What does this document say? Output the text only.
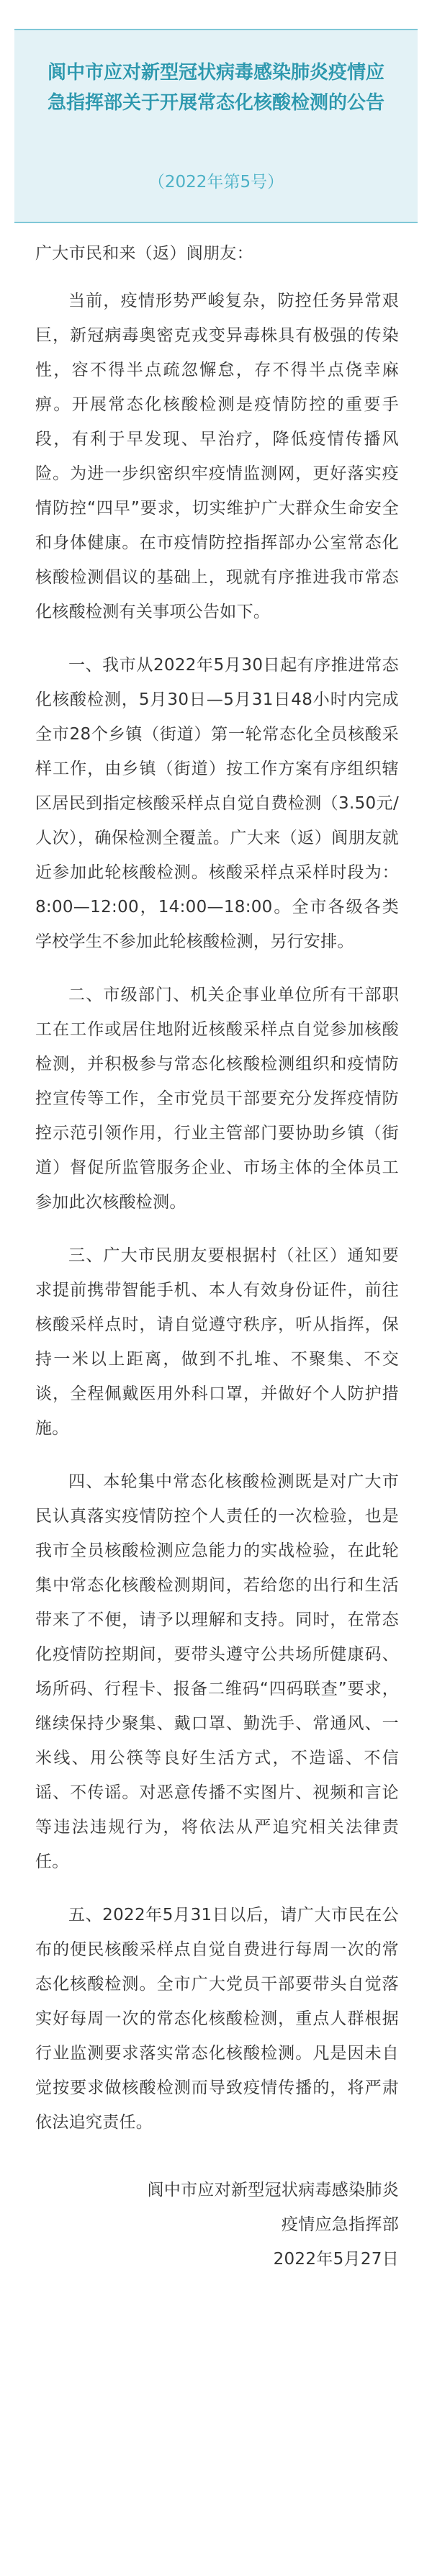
阆中市应对新型冠状病毒感染肺炎疫情应急指挥部关于开展常态化核酸检测的公告
（2022年第5号）

广大市民和来（返）阆朋友：

当前，疫情形势严峻复杂，防控任务异常艰巨，新冠病毒奥密克戎变异毒株具有极强的传染性，容不得半点疏忽懈怠，存不得半点侥幸麻痹。开展常态化核酸检测是疫情防控的重要手段，有利于早发现、早治疗，降低疫情传播风险。为进一步织密织牢疫情监测网，更好落实疫情防控“四早”要求，切实维护广大群众生命安全和身体健康。在市疫情防控指挥部办公室常态化核酸检测倡议的基础上，现就有序推进我市常态化核酸检测有关事项公告如下。

一、我市从2022年5月30日起有序推进常态化核酸检测，5月30日—5月31日48小时内完成全市28个乡镇（街道）第一轮常态化全员核酸采样工作，由乡镇（街道）按工作方案有序组织辖区居民到指定核酸采样点自觉自费检测（3.50元/人次），确保检测全覆盖。广大来（返）阆朋友就近参加此轮核酸检测。核酸采样点采样时段为：8:00—12:00，14:00—18:00。全市各级各类学校学生不参加此轮核酸检测，另行安排。

二、市级部门、机关企事业单位所有干部职工在工作或居住地附近核酸采样点自觉参加核酸检测，并积极参与常态化核酸检测组织和疫情防控宣传等工作，全市党员干部要充分发挥疫情防控示范引领作用，行业主管部门要协助乡镇（街道）督促所监管服务企业、市场主体的全体员工参加此次核酸检测。

三、广大市民朋友要根据村（社区）通知要求提前携带智能手机、本人有效身份证件，前往核酸采样点时，请自觉遵守秩序，听从指挥，保持一米以上距离，做到不扎堆、不聚集、不交谈，全程佩戴医用外科口罩，并做好个人防护措施。

四、本轮集中常态化核酸检测既是对广大市民认真落实疫情防控个人责任的一次检验，也是我市全员核酸检测应急能力的实战检验，在此轮集中常态化核酸检测期间，若给您的出行和生活带来了不便，请予以理解和支持。同时，在常态化疫情防控期间，要带头遵守公共场所健康码、场所码、行程卡、报备二维码“四码联查”要求，继续保持少聚集、戴口罩、勤洗手、常通风、一米线、用公筷等良好生活方式，不造谣、不信谣、不传谣。对恶意传播不实图片、视频和言论等违法违规行为，将依法从严追究相关法律责任。

五、2022年5月31日以后，请广大市民在公布的便民核酸采样点自觉自费进行每周一次的常态化核酸检测。全市广大党员干部要带头自觉落实好每周一次的常态化核酸检测，重点人群根据行业监测要求落实常态化核酸检测。凡是因未自觉按要求做核酸检测而导致疫情传播的，将严肃依法追究责任。

阆中市应对新型冠状病毒感染肺炎
疫情应急指挥部
2022年5月27日
